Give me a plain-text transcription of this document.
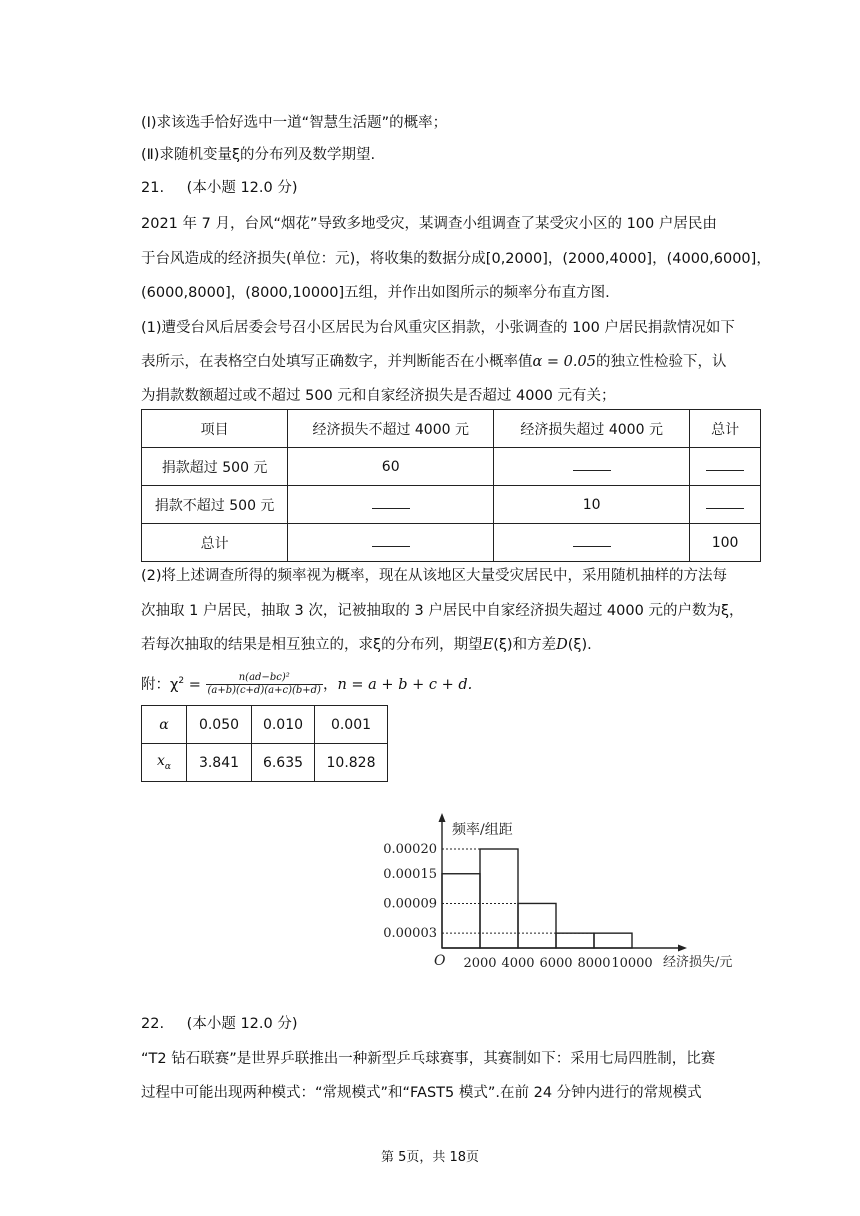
(Ⅰ)求该选手恰好选中一道“智慧生活题”的概率；
(Ⅱ)求随机变量ξ的分布列及数学期望.
21. (本小题 12.0 分)
2021 年 7 月，台风“烟花”导致多地受灾，某调查小组调查了某受灾小区的 100 户居民由
于台风造成的经济损失(单位：元)，将收集的数据分成[0,2000]，(2000,4000]，(4000,6000]，
(6000,8000]，(8000,10000]五组，并作出如图所示的频率分布直方图.
(1)遭受台风后居委会号召小区居民为台风重灾区捐款，小张调查的 100 户居民捐款情况如下
表所示，在表格空白处填写正确数字，并判断能否在小概率值α = 0.05的独立性检验下，认
为捐款数额超过或不超过 500 元和自家经济损失是否超过 4000 元有关；
项目	经济损失不超过 4000 元	经济损失超过 4000 元	总计
捐款超过 500 元	60		
捐款不超过 500 元		10	
总计			100
(2)将上述调查所得的频率视为概率，现在从该地区大量受灾居民中，采用随机抽样的方法每
次抽取 1 户居民，抽取 3 次，记被抽取的 3 户居民中自家经济损失超过 4000 元的户数为ξ，
若每次抽取的结果是相互独立的，求ξ的分布列，期望E(ξ)和方差D(ξ).
附：$\chi^2 = \frac{\text{n(ad−bc)²}}{(a+b)(c+d)(a+c)(b+d)}$ ，n = a + b + c + d.
α	0.050	0.010	0.001
$x_\alpha$	3.841	6.635	10.828
频率/组距
经济损失/元
O
0.00020
0.00015
0.00009
0.00003
2000 4000 6000 8000 10000
22. (本小题 12.0 分)
“T2 钻石联赛”是世界乒联推出一种新型乒乓球赛事，其赛制如下：采用七局四胜制，比赛
过程中可能出现两种模式：“常规模式”和“FAST5 模式”.在前 24 分钟内进行的常规模式
第 5页，共 18页
